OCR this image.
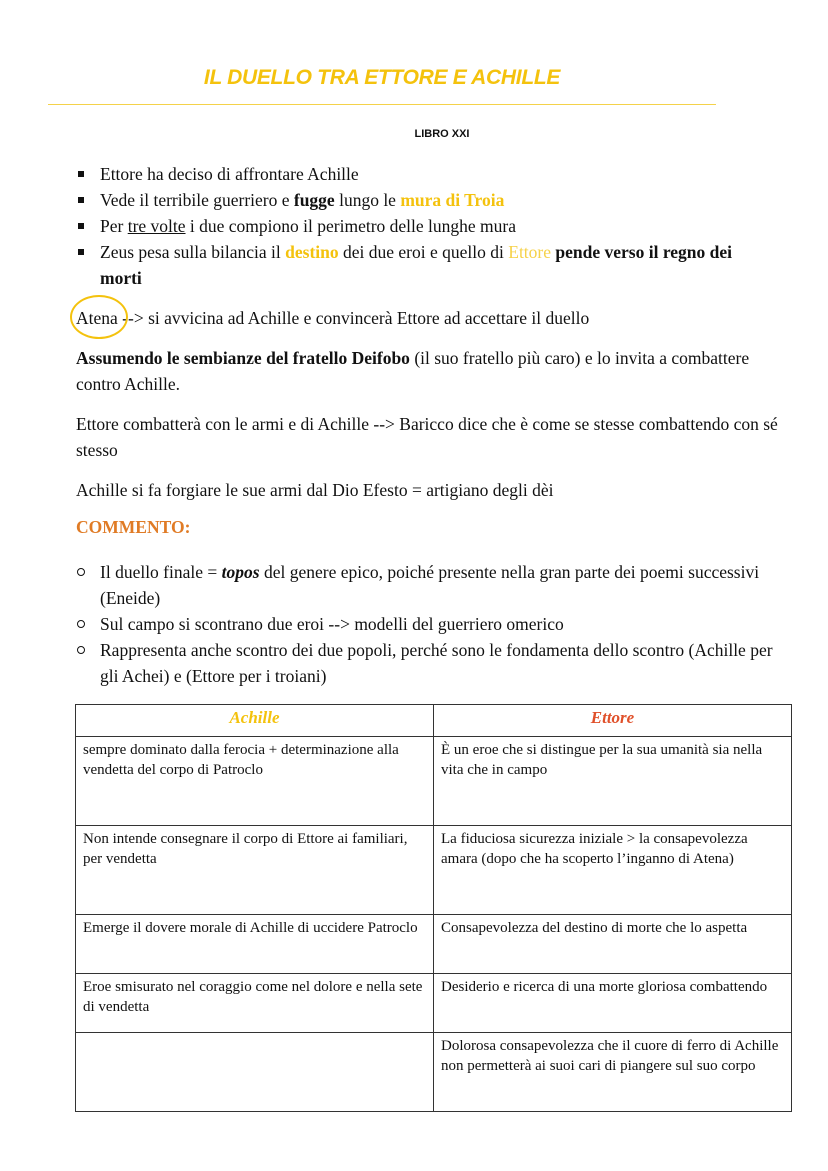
IL DUELLO TRA ETTORE E ACHILLE
LIBRO XXI
Ettore ha deciso di affrontare Achille
Vede il terribile guerriero e fugge lungo le mura di Troia
Per tre volte i due compiono il perimetro delle lunghe mura
Zeus pesa sulla bilancia il destino dei due eroi e quello di Ettore pende verso il regno dei morti

Atena --> si avvicina ad Achille e convincerà Ettore ad accettare il duello

Assumendo le sembianze del fratello Deifobo (il suo fratello più caro) e lo invita a combattere contro Achille.

Ettore combatterà con le armi e di Achille --> Baricco dice che è come se stesse combattendo con sé stesso

Achille si fa forgiare le sue armi dal Dio Efesto = artigiano degli dèi

COMMENTO:

Il duello finale = topos del genere epico, poiché presente nella gran parte dei poemi successivi (Eneide)
Sul campo si scontrano due eroi --> modelli del guerriero omerico
Rappresenta anche scontro dei due popoli, perché sono le fondamenta dello scontro (Achille per gli Achei) e (Ettore per i troiani)
Achille	Ettore
sempre dominato dalla ferocia + determinazione alla vendetta del corpo di Patroclo	È un eroe che si distingue per la sua umanità sia nella vita che in campo
Non intende consegnare il corpo di Ettore ai familiari, per vendetta	La fiduciosa sicurezza iniziale > la consapevolezza amara (dopo che ha scoperto l’inganno di Atena)
Emerge il dovere morale di Achille di uccidere Patroclo	Consapevolezza del destino di morte che lo aspetta
Eroe smisurato nel coraggio come nel dolore e nella sete di vendetta	Desiderio e ricerca di una morte gloriosa combattendo
	Dolorosa consapevolezza che il cuore di ferro di Achille non permetterà ai suoi cari di piangere sul suo corpo
